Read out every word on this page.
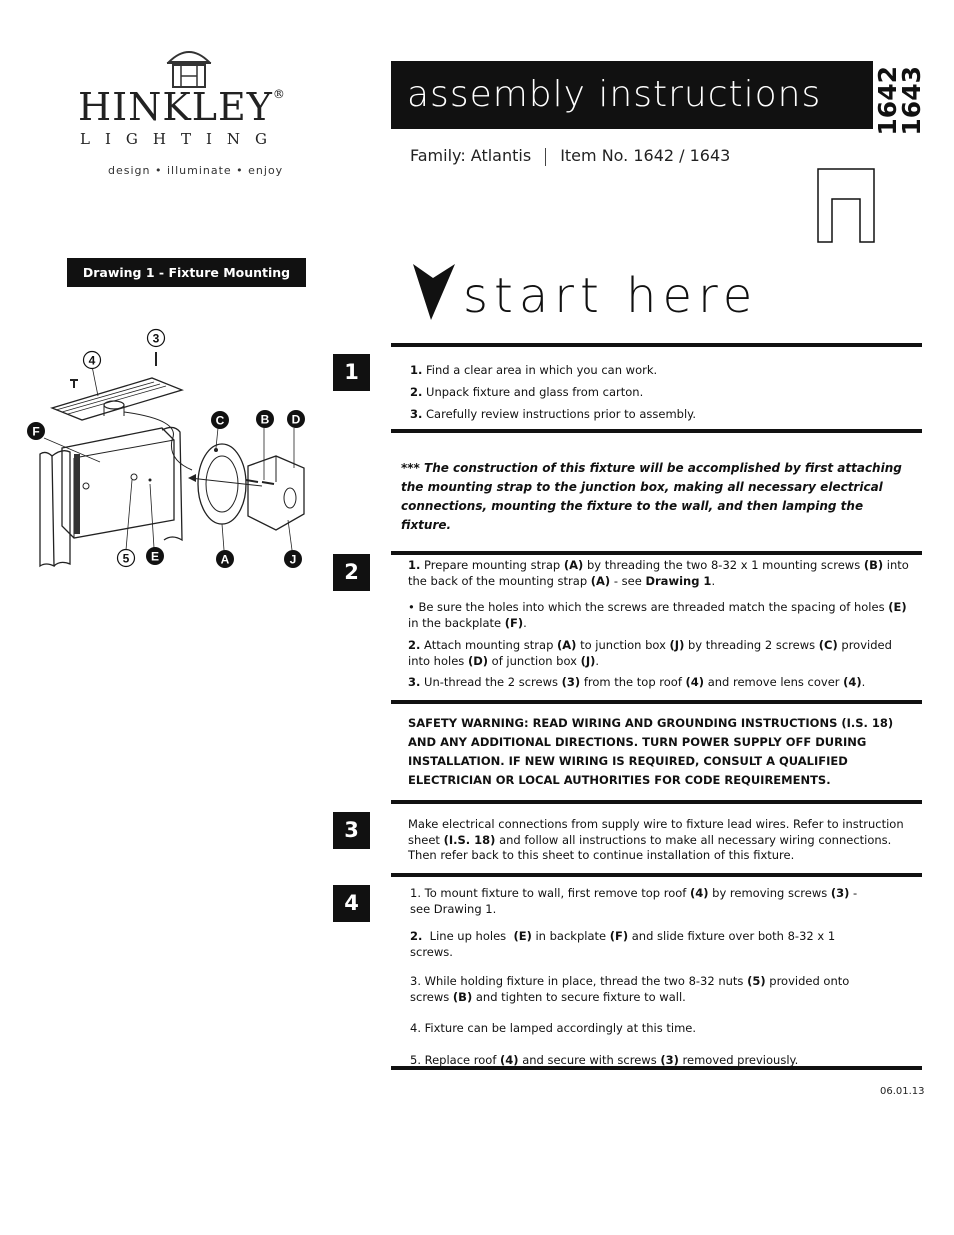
HINKLEY®
LIGHTING
design • illuminate • enjoy
assembly instructions	1642
1643
Family: Atlantis Item No. 1642 / 1643
Drawing 1 - Fixture Mounting	start here
3
4
F
C	B D
5 E	A	J
1	1. Find a clear area in which you can work.

2. Unpack fixture and glass from carton.

3. Carefully review instructions prior to assembly.

*** The construction of this fixture will be accomplished by first attaching the mounting strap to the junction box, making all necessary electrical connections, mounting the fixture to the wall, and then lamping the fixture.
2	1. Prepare mounting strap (A) by threading the two 8-32 x 1 mounting screws (B) into the back of the mounting strap (A) - see Drawing 1.

• Be sure the holes into which the screws are threaded match the spacing of holes (E) in the backplate (F).

2. Attach mounting strap (A) to junction box (J) by threading 2 screws (C) provided into holes (D) of junction box (J).

3. Un-thread the 2 screws (3) from the top roof (4) and remove lens cover (4).

SAFETY WARNING: READ WIRING AND GROUNDING INSTRUCTIONS (I.S. 18) AND ANY ADDITIONAL DIRECTIONS. TURN POWER SUPPLY OFF DURING INSTALLATION. IF NEW WIRING IS REQUIRED, CONSULT A QUALIFIED ELECTRICIAN OR LOCAL AUTHORITIES FOR CODE REQUIREMENTS.
3	Make electrical connections from supply wire to fixture lead wires. Refer to instruction sheet (I.S. 18) and follow all instructions to make all necessary wiring connections. Then refer back to this sheet to continue installation of this fixture.
4	1. To mount fixture to wall, first remove top roof (4) by removing screws (3) - see Drawing 1.

2.  Line up holes  (E) in backplate (F) and slide fixture over both 8-32 x 1 screws.

3. While holding fixture in place, thread the two 8-32 nuts (5) provided onto screws (B) and tighten to secure fixture to wall.

4. Fixture can be lamped accordingly at this time.

5. Replace roof (4) and secure with screws (3) removed previously.

06.01.13
